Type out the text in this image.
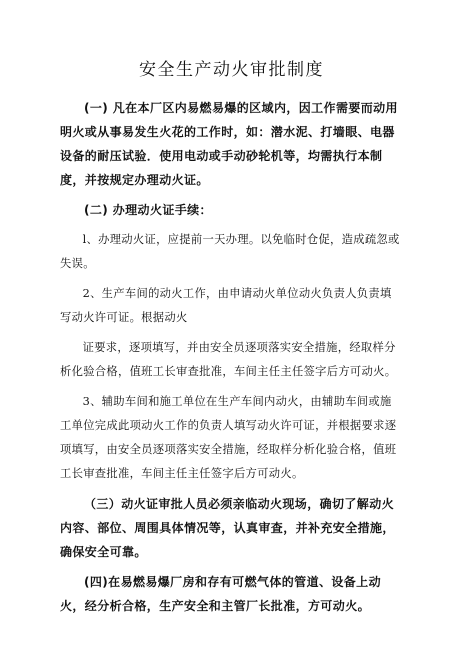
安全生产动火审批制度

(一) 凡在本厂区内易燃易爆的区域内，因工作需要而动用明火或从事易发生火花的工作时，如：潜水泥、打墙眼、电器设备的耐压试验．使用电动或手动砂轮机等，均需执行本制度，并按规定办理动火证。

(二) 办理动火证手续：

l、办理动火证，应提前一天办理。以免临时仓促，造成疏忽或失误。

2、生产车间的动火工作，由申请动火单位动火负责人负责填写动火许可证。根据动火

证要求，逐项填写，并由安全员逐项落实安全措施，经取样分析化验合格，值班工长审查批准，车间主任主任签字后方可动火。

3、辅助车间和施工单位在生产车间内动火，由辅助车间或施工单位完成此项动火工作的负责人填写动火许可证，并根据要求逐项填写，由安全员逐项落实安全措施，经取样分析化验合格，值班工长审查批准，车间主任主任签字后方可动火。

（三）动火证审批人员必须亲临动火现场，确切了解动火内容、部位、周围具体情况等，认真审查，并补充安全措施，确保安全可靠。

(四)在易燃易爆厂房和存有可燃气体的管道、设备上动火，经分析合格，生产安全和主管厂长批准，方可动火。
